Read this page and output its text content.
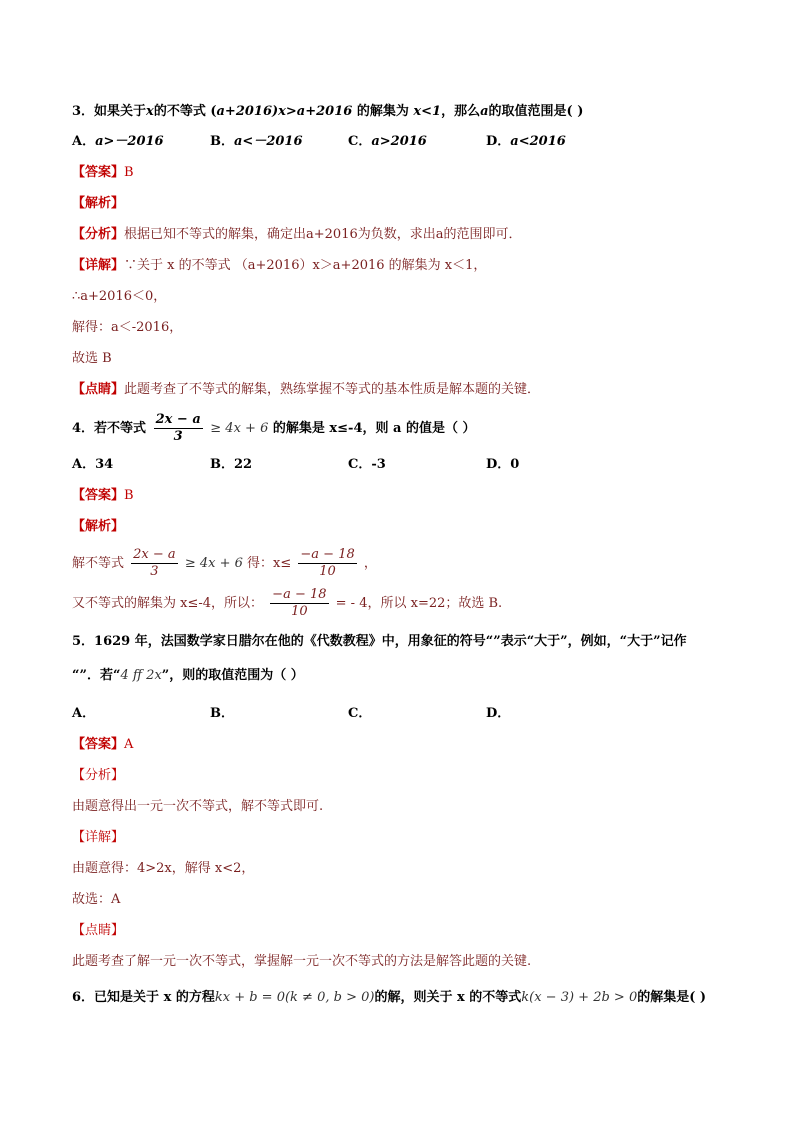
3．如果关于x的不等式 (a+2016)x>a+2016 的解集为 x<1，那么a的取值范围是( )
A．a>－2016	B．a<－2016	C．a>2016	D．a<2016
【答案】B
【解析】
【分析】根据已知不等式的解集，确定出a+2016为负数，求出a的范围即可．
【详解】∵关于 x 的不等式 （a+2016）x＞a+2016 的解集为 x＜1，
∴a+2016＜0，
解得：a＜-2016，
故选 B
【点睛】此题考查了不等式的解集，熟练掌握不等式的基本性质是解本题的关键．
4．若不等式 $\frac{2x - a}{3} \ge 4x + 6$ 的解集是 x≤-4，则 a 的值是（ ）
A．34	B．22	C．-3	D．0
【答案】B
【解析】
解不等式 $\frac{2x - a}{3} \ge 4x + 6$ 得：$x\le \frac{-a - 18}{10}$ ，
又不等式的解集为 x≤-4，所以： $\frac{-a - 18}{10}$ = - 4，所以 x=22；故选 B.
5．1629 年，法国数学家日腊尔在他的《代数教程》中，用象征的符号“”表示“大于”，例如，“大于”记作
“”．若“4 ff 2x”，则的取值范围为（ ）
A．	B．	C．	D．
【答案】A
【分析】
由题意得出一元一次不等式，解不等式即可.
【详解】
由题意得：4>2x，解得 x<2，
故选：A
【点睛】
此题考查了解一元一次不等式，掌握解一元一次不等式的方法是解答此题的关键.
6．已知是关于 x 的方程kx + b = 0(k ≠ 0, b > 0)的解，则关于 x 的不等式k(x − 3) + 2b > 0的解集是( )
